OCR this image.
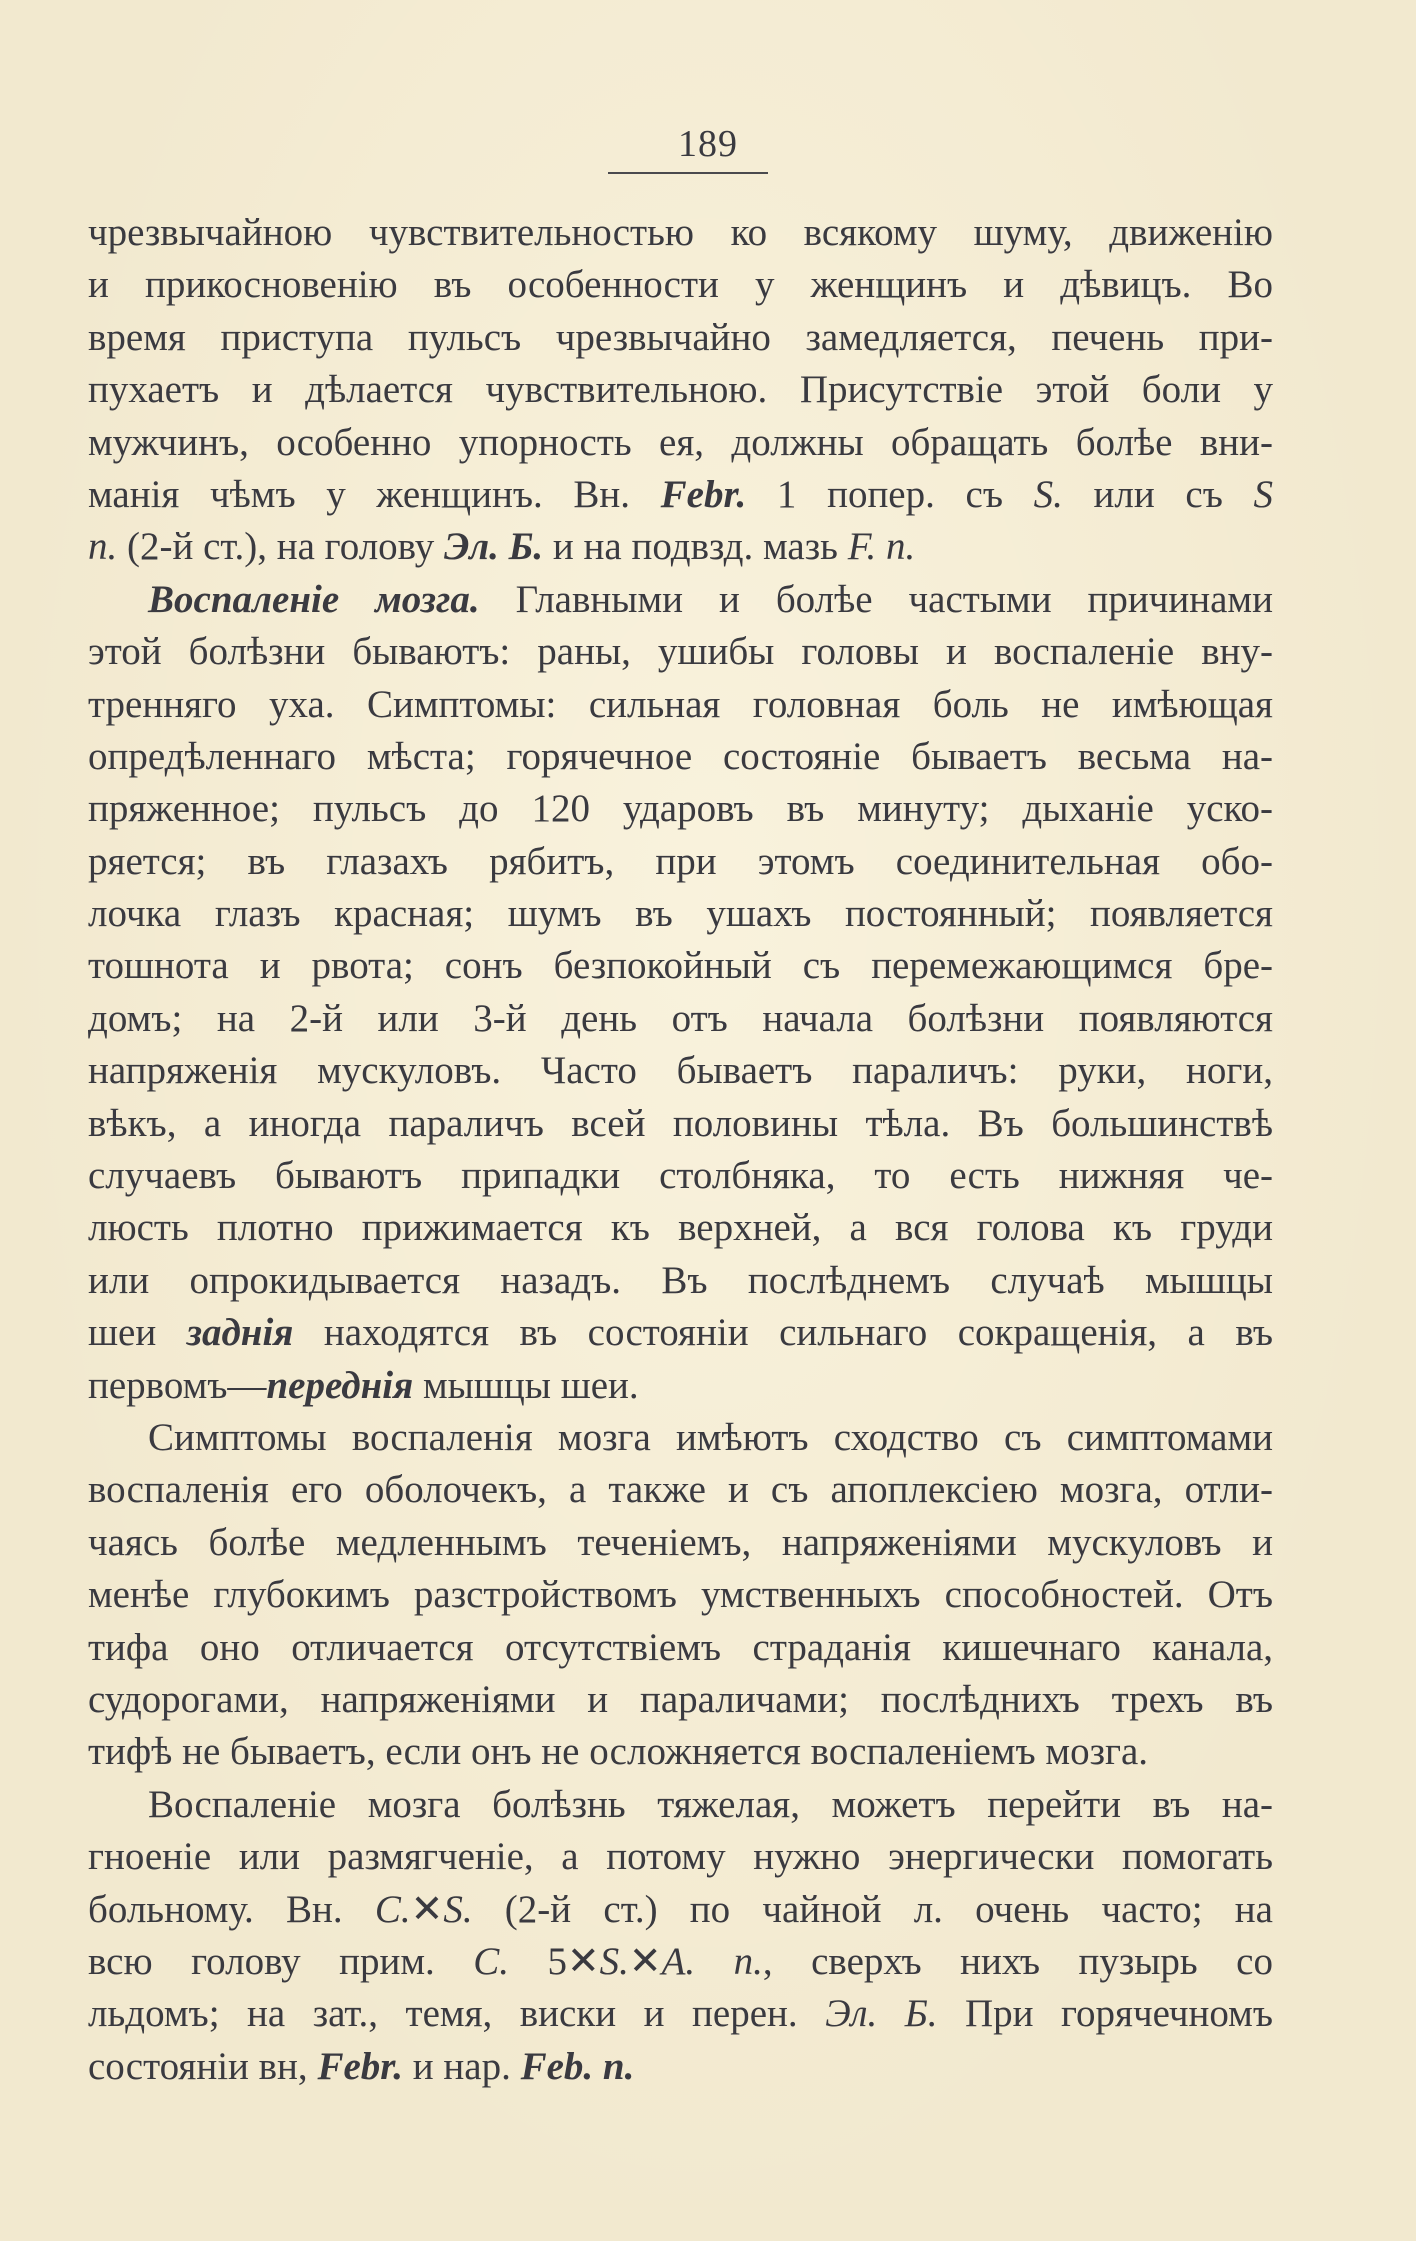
189
чрезвычайною чувствительностью ко всякому шуму, движенію
и прикосновенію въ особенности у женщинъ и дѣвицъ. Во
время приступа пульсъ чрезвычайно замедляется, печень при-
пухаетъ и дѣлается чувствительною. Присутствіе этой боли у
мужчинъ, особенно упорность ея, должны обращать болѣе вни-
манія чѣмъ у женщинъ. Вн. Febr. 1 попер. съ S. или съ S
n. (2-й ст.), на голову Эл. Б. и на подвзд. мазь F. n.
Воспаленіе мозга. Главными и болѣе частыми причинами
этой болѣзни бываютъ: раны, ушибы головы и воспаленіе вну-
тренняго уха. Симптомы: сильная головная боль не имѣющая
опредѣленнаго мѣста; горячечное состояніе бываетъ весьма на-
пряженное; пульсъ до 120 ударовъ въ минуту; дыханіе уско-
ряется; въ глазахъ рябитъ, при этомъ соединительная обо-
лочка глазъ красная; шумъ въ ушахъ постоянный; появляется
тошнота и рвота; сонъ безпокойный съ перемежающимся бре-
домъ; на 2-й или 3-й день отъ начала болѣзни появляются
напряженія мускуловъ. Часто бываетъ параличъ: руки, ноги,
вѣкъ, а иногда параличъ всей половины тѣла. Въ большинствѣ
случаевъ бываютъ припадки столбняка, то есть нижняя че-
люсть плотно прижимается къ верхней, а вся голова къ груди
или опрокидывается назадъ. Въ послѣднемъ случаѣ мышцы
шеи заднія находятся въ состояніи сильнаго сокращенія, а въ
первомъ—переднія мышцы шеи.
Симптомы воспаленія мозга имѣютъ сходство съ симптомами
воспаленія его оболочекъ, а также и съ апоплексіею мозга, отли-
чаясь болѣе медленнымъ теченіемъ, напряженіями мускуловъ и
менѣе глубокимъ разстройствомъ умственныхъ способностей. Отъ
тифа оно отличается отсутствіемъ страданія кишечнаго канала,
судорогами, напряженіями и параличами; послѣднихъ трехъ въ
тифѣ не бываетъ, если онъ не осложняется воспаленіемъ мозга.
Воспаленіе мозга болѣзнь тяжелая, можетъ перейти въ на-
гноеніе или размягченіе, а потому нужно энергически помогать
больному. Вн. C.✕S. (2-й ст.) по чайной л. очень часто; на
всю голову прим. C. 5✕S.✕A. n., сверхъ нихъ пузырь со
льдомъ; на зат., темя, виски и перен. Эл. Б. При горячечномъ
состояніи вн, Febr. и нар. Feb. n.
